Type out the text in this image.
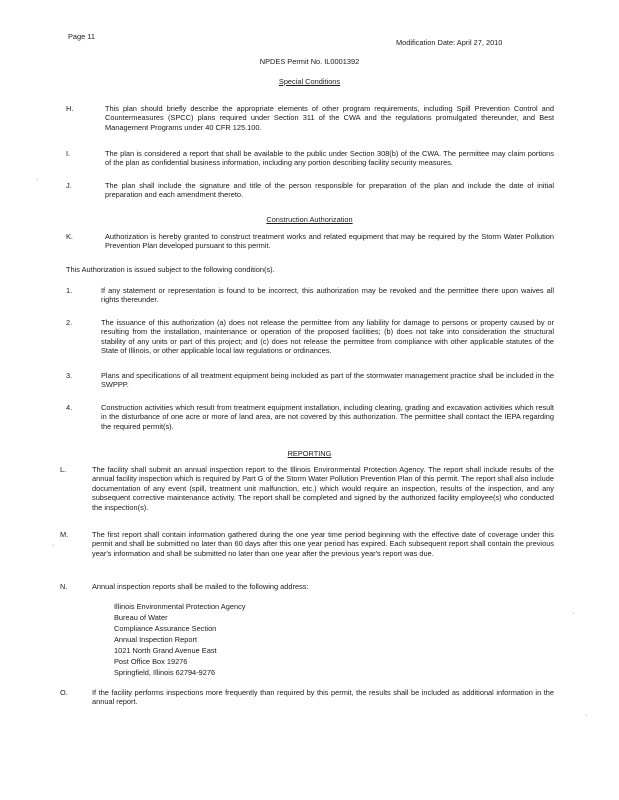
Page 11
Modification Date: April 27, 2010
NPDES Permit No. IL0001392
Special Conditions
H.	This plan should briefly describe the appropriate elements of other program requirements, including Spill Prevention Control and Countermeasures (SPCC) plans required under Section 311 of the CWA and the regulations promulgated thereunder, and Best Management Programs under 40 CFR 125.100.
I.	The plan is considered a report that shall be available to the public under Section 308(b) of the CWA. The permittee may claim portions of the plan as confidential business information, including any portion describing facility security measures.
J.	The plan shall include the signature and title of the person responsible for preparation of the plan and include the date of initial preparation and each amendment thereto.
Construction Authorization
K.	Authorization is hereby granted to construct treatment works and related equipment that may be required by the Storm Water Pollution Prevention Plan developed pursuant to this permit.
This Authorization is issued subject to the following condition(s).
1.	If any statement or representation is found to be incorrect, this authorization may be revoked and the permittee there upon waives all rights thereunder.
2.	The issuance of this authorization (a) does not release the permittee from any liability for damage to persons or property caused by or resulting from the installation, maintenance or operation of the proposed facilities; (b) does not take into consideration the structural stability of any units or part of this project; and (c) does not release the permittee from compliance with other applicable statutes of the State of Illinois, or other applicable local law regulations or ordinances.
3.	Plans and specifications of all treatment equipment being included as part of the stormwater management practice shall be included in the SWPPP.
4.	Construction activities which result from treatment equipment installation, including clearing, grading and excavation activities which result in the disturbance of one acre or more of land area, are not covered by this authorization. The permittee shall contact the IEPA regarding the required permit(s).
REPORTING
L.	The facility shall submit an annual inspection report to the Illinois Environmental Protection Agency. The report shall include results of the annual facility inspection which is required by Part G of the Storm Water Pollution Prevention Plan of this permit. The report shall also include documentation of any event (spill, treatment unit malfunction, etc.) which would require an inspection, results of the inspection, and any subsequent corrective maintenance activity. The report shall be completed and signed by the authorized facility employee(s) who conducted the inspection(s).
M.	The first report shall contain information gathered during the one year time period beginning with the effective date of coverage under this permit and shall be submitted no later than 60 days after this one year period has expired. Each subsequent report shall contain the previous year's information and shall be submitted no later than one year after the previous year's report was due.
N.	Annual inspection reports shall be mailed to the following address:
Illinois Environmental Protection Agency
Bureau of Water
Compliance Assurance Section
Annual Inspection Report
1021 North Grand Avenue East
Post Office Box 19276
Springfield, Illinois 62794-9276
O.	If the facility performs inspections more frequently than required by this permit, the results shall be included as additional information in the annual report.
·
·
·
·
